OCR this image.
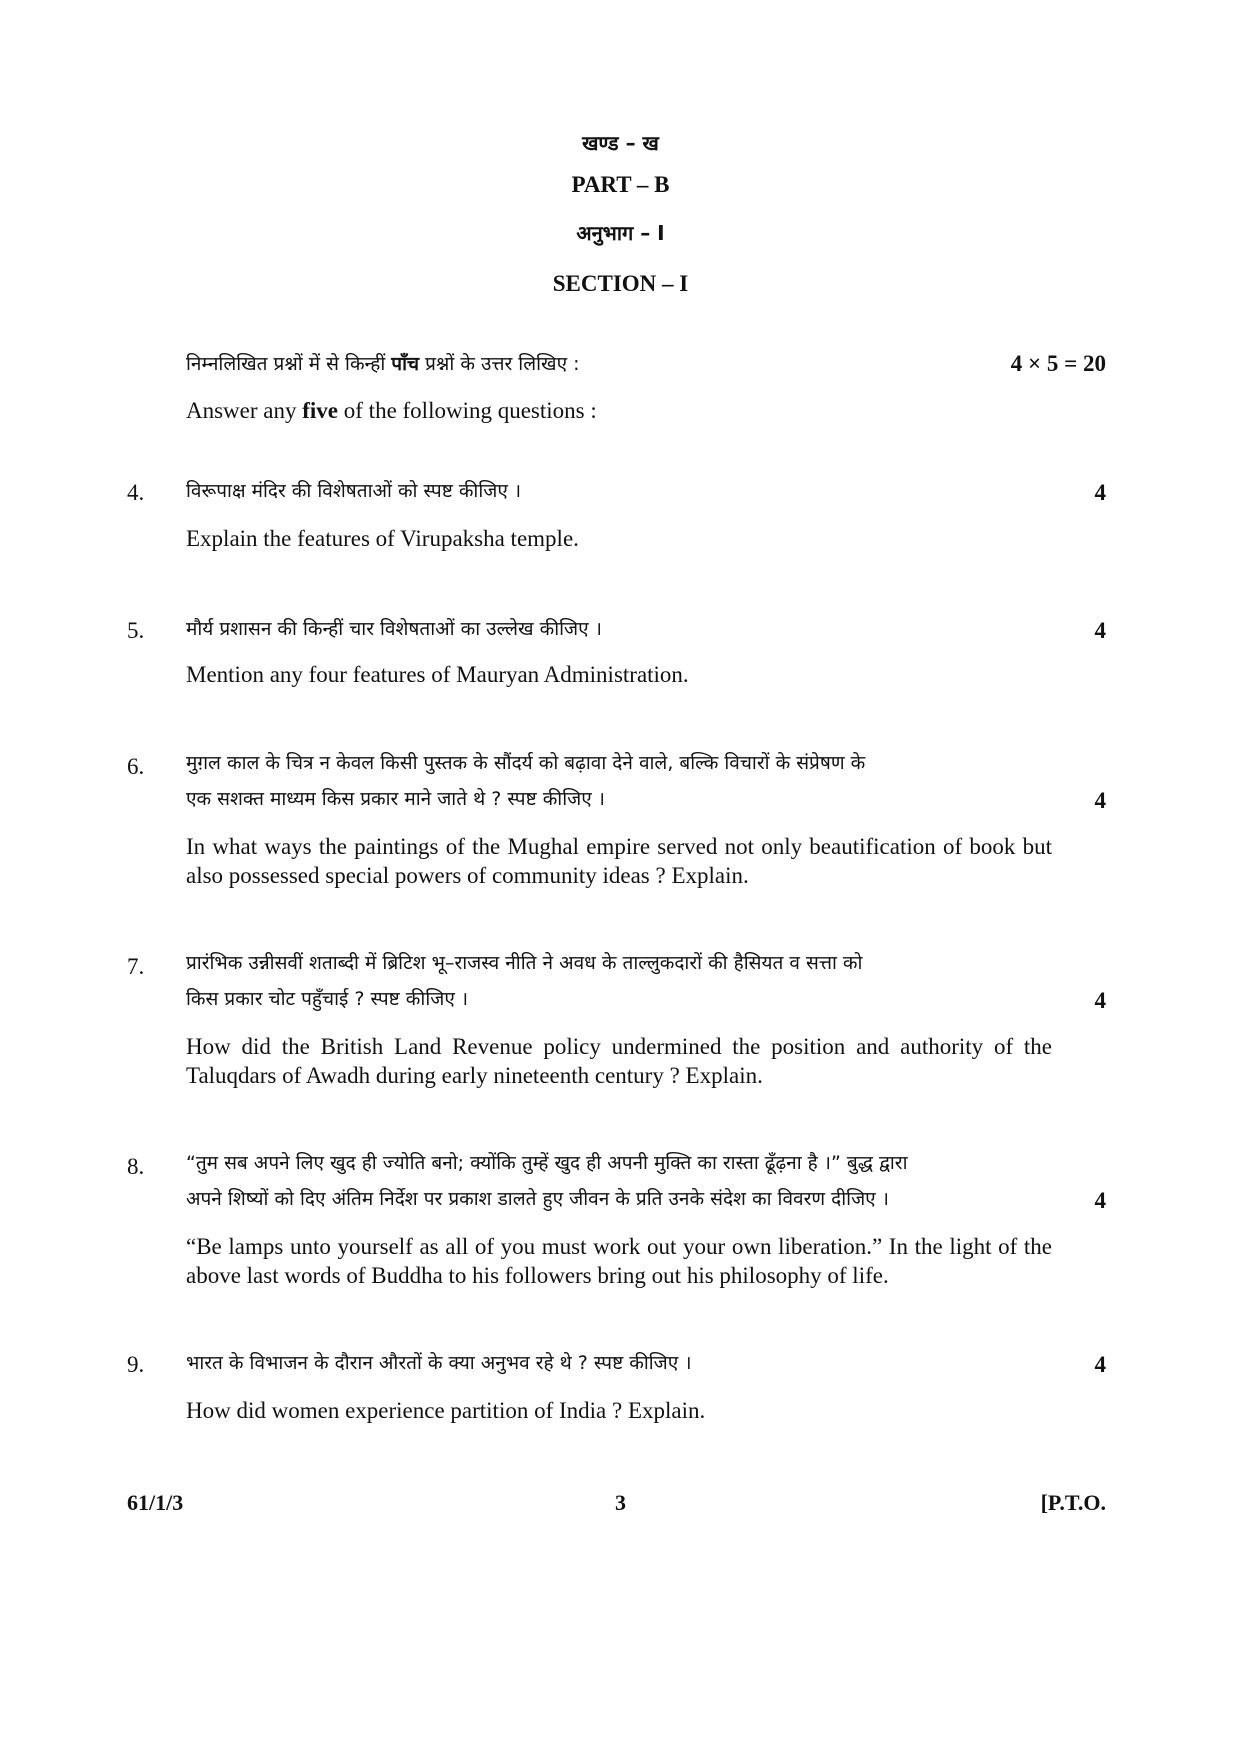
खण्ड – ख
PART – B
अनुभाग – I
SECTION – I
निम्नलिखित प्रश्नों में से किन्हीं पाँच प्रश्नों के उत्तर लिखिए :	4 × 5 = 20
Answer any five of the following questions :
4. विरूपाक्ष मंदिर की विशेषताओं को स्पष्ट कीजिए ।	4
Explain the features of Virupaksha temple.
5. मौर्य प्रशासन की किन्हीं चार विशेषताओं का उल्लेख कीजिए ।	4
Mention any four features of Mauryan Administration.
6. मुग़ल काल के चित्र न केवल किसी पुस्तक के सौंदर्य को बढ़ावा देने वाले, बल्कि विचारों के संप्रेषण के
एक सशक्त माध्यम किस प्रकार माने जाते थे ? स्पष्ट कीजिए ।	4
In what ways the paintings of the Mughal empire served not only beautification of book but also possessed special powers of community ideas ? Explain.
7. प्रारंभिक उन्नीसवीं शताब्दी में ब्रिटिश भू–राजस्व नीति ने अवध के ताल्लुकदारों की हैसियत व सत्ता को
किस प्रकार चोट पहुँचाई ? स्पष्ट कीजिए ।	4
How did the British Land Revenue policy undermined the position and authority of the Taluqdars of Awadh during early nineteenth century ? Explain.
8. “तुम सब अपने लिए खुद ही ज्योति बनो; क्योंकि तुम्हें खुद ही अपनी मुक्ति का रास्ता ढूँढ़ना है ।” बुद्ध द्वारा
अपने शिष्यों को दिए अंतिम निर्देश पर प्रकाश डालते हुए जीवन के प्रति उनके संदेश का विवरण दीजिए ।	4
“Be lamps unto yourself as all of you must work out your own liberation.” In the light of the above last words of Buddha to his followers bring out his philosophy of life.
9. भारत के विभाजन के दौरान औरतों के क्या अनुभव रहे थे ? स्पष्ट कीजिए ।	4
How did women experience partition of India ? Explain.
61/1/3	3	[P.T.O.
